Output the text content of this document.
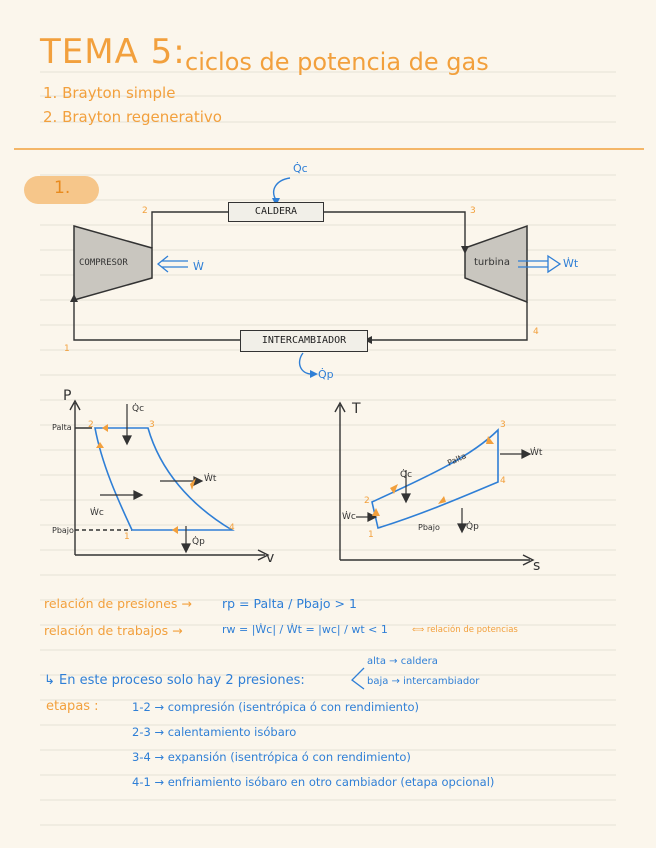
TEMA 5: ciclos de potencia de gas
1. Brayton simple
2. Brayton regenerativo
1.
CALDERA
INTERCAMBIADOR
COMPRESOR	turbina
Q̇c
Q̇p
Ẇ	Ẇt
1
2	3
4
P
v
Palta
Pbajo
Q̇c
Q̇p
Ẇt
Ẇc
1
2	3
4
T
s
Palta
Pbajo
Q̇c
Q̇p
Ẇt
Ẇc
1
2
3
4
relación de presiones → rp = Palta / Pbajo > 1
relación de trabajos →	rw = |Ẇc| / Ẇt = |wc| / wt < 1	⟺ relación de potencias
↳ En este proceso solo hay 2 presiones:
alta → caldera
baja → intercambiador
etapas :	1-2 → compresión (isentrópica ó con rendimiento)
2-3 → calentamiento isóbaro
3-4 → expansión (isentrópica ó con rendimiento)
4-1 → enfriamiento isóbaro en otro cambiador (etapa opcional)
